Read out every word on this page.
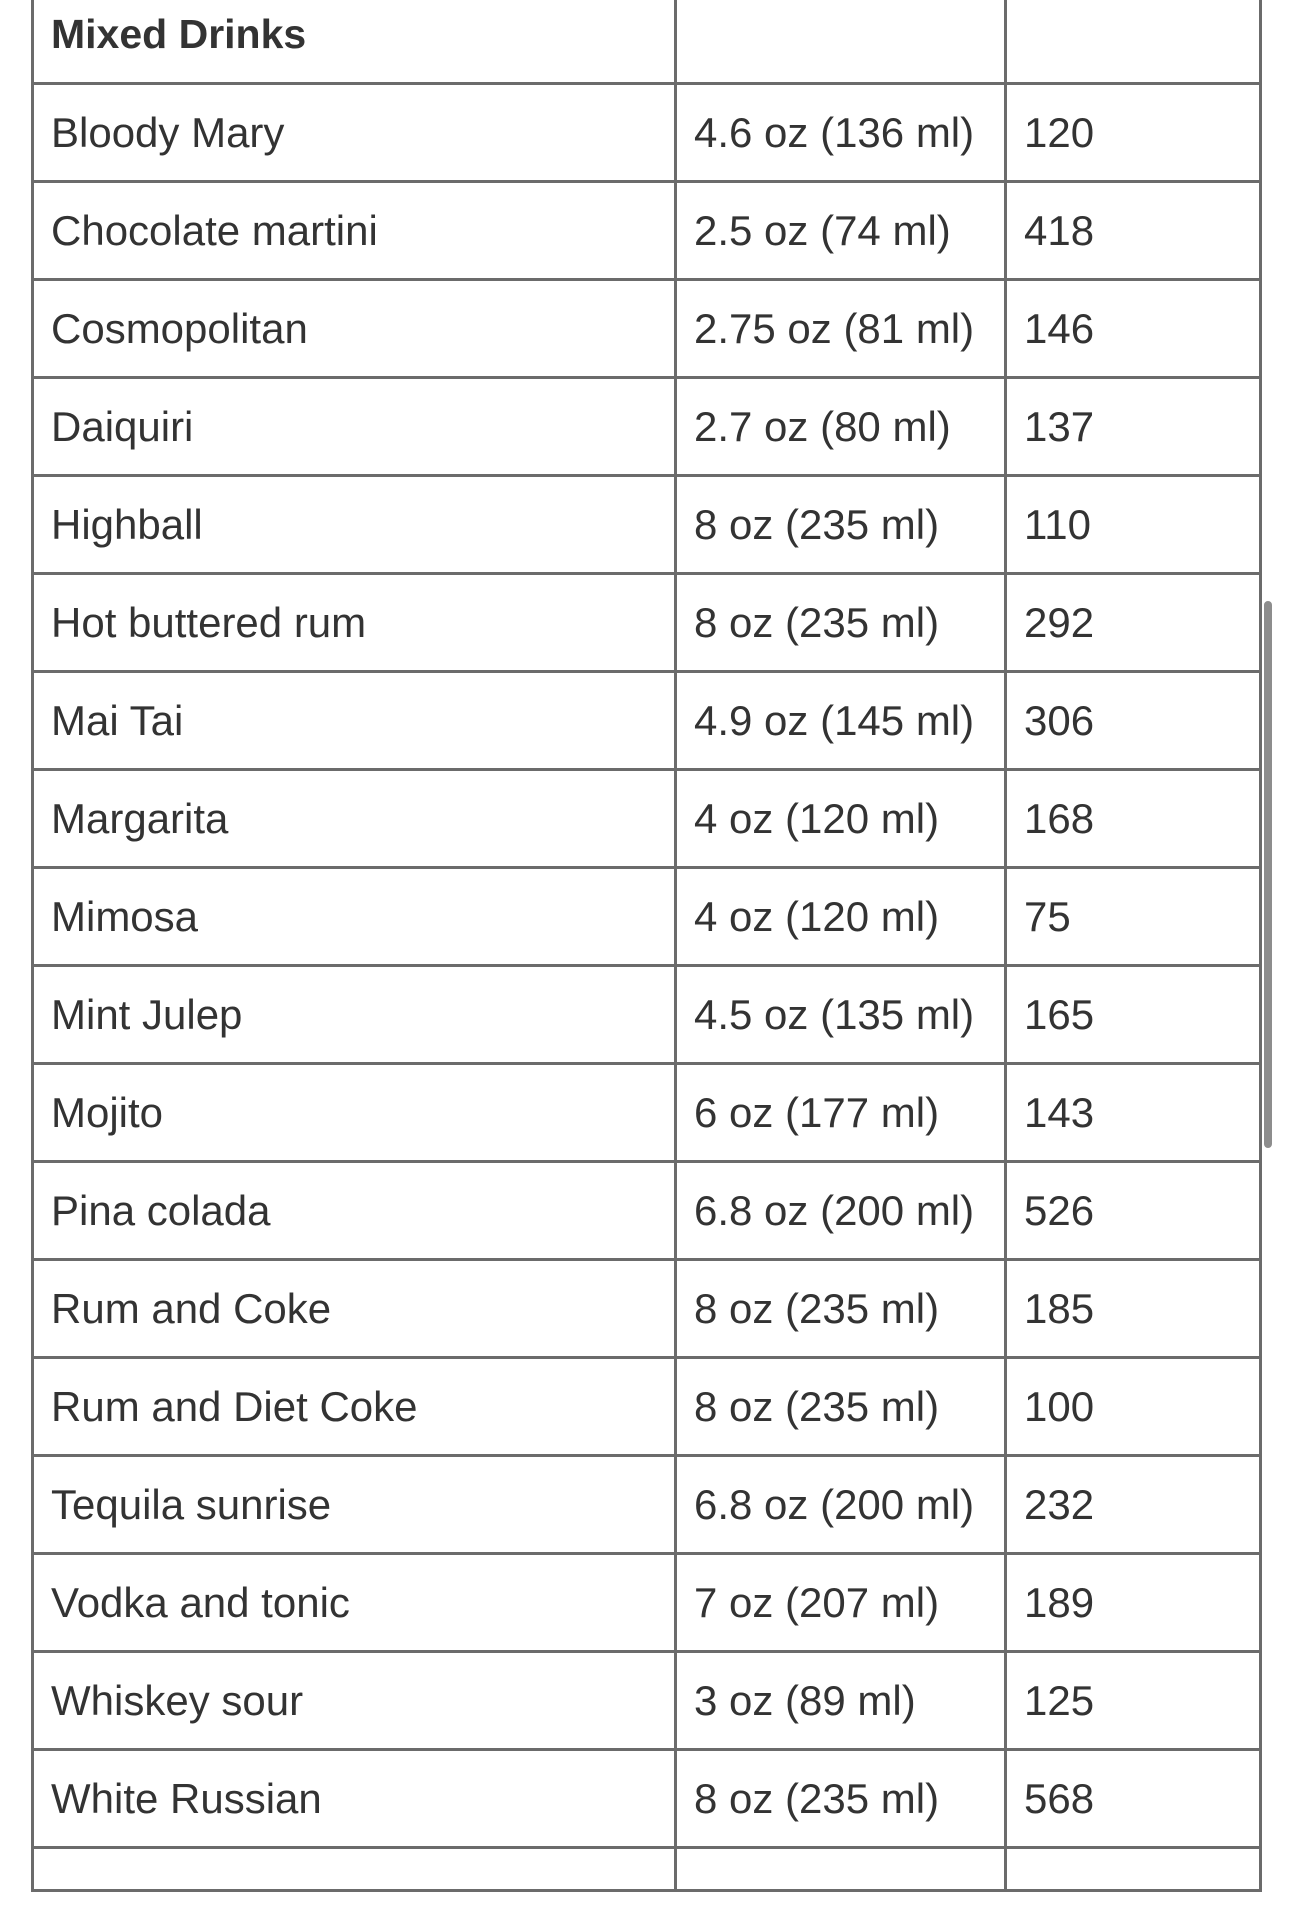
Mixed Drinks		
Bloody Mary	4.6 oz (136 ml)	120
Chocolate martini	2.5 oz (74 ml)	418
Cosmopolitan	2.75 oz (81 ml)	146
Daiquiri	2.7 oz (80 ml)	137
Highball	8 oz (235 ml)	110
Hot buttered rum	8 oz (235 ml)	292
Mai Tai	4.9 oz (145 ml)	306
Margarita	4 oz (120 ml)	168
Mimosa	4 oz (120 ml)	75
Mint Julep	4.5 oz (135 ml)	165
Mojito	6 oz (177 ml)	143
Pina colada	6.8 oz (200 ml)	526
Rum and Coke	8 oz (235 ml)	185
Rum and Diet Coke	8 oz (235 ml)	100
Tequila sunrise	6.8 oz (200 ml)	232
Vodka and tonic	7 oz (207 ml)	189
Whiskey sour	3 oz (89 ml)	125
White Russian	8 oz (235 ml)	568
